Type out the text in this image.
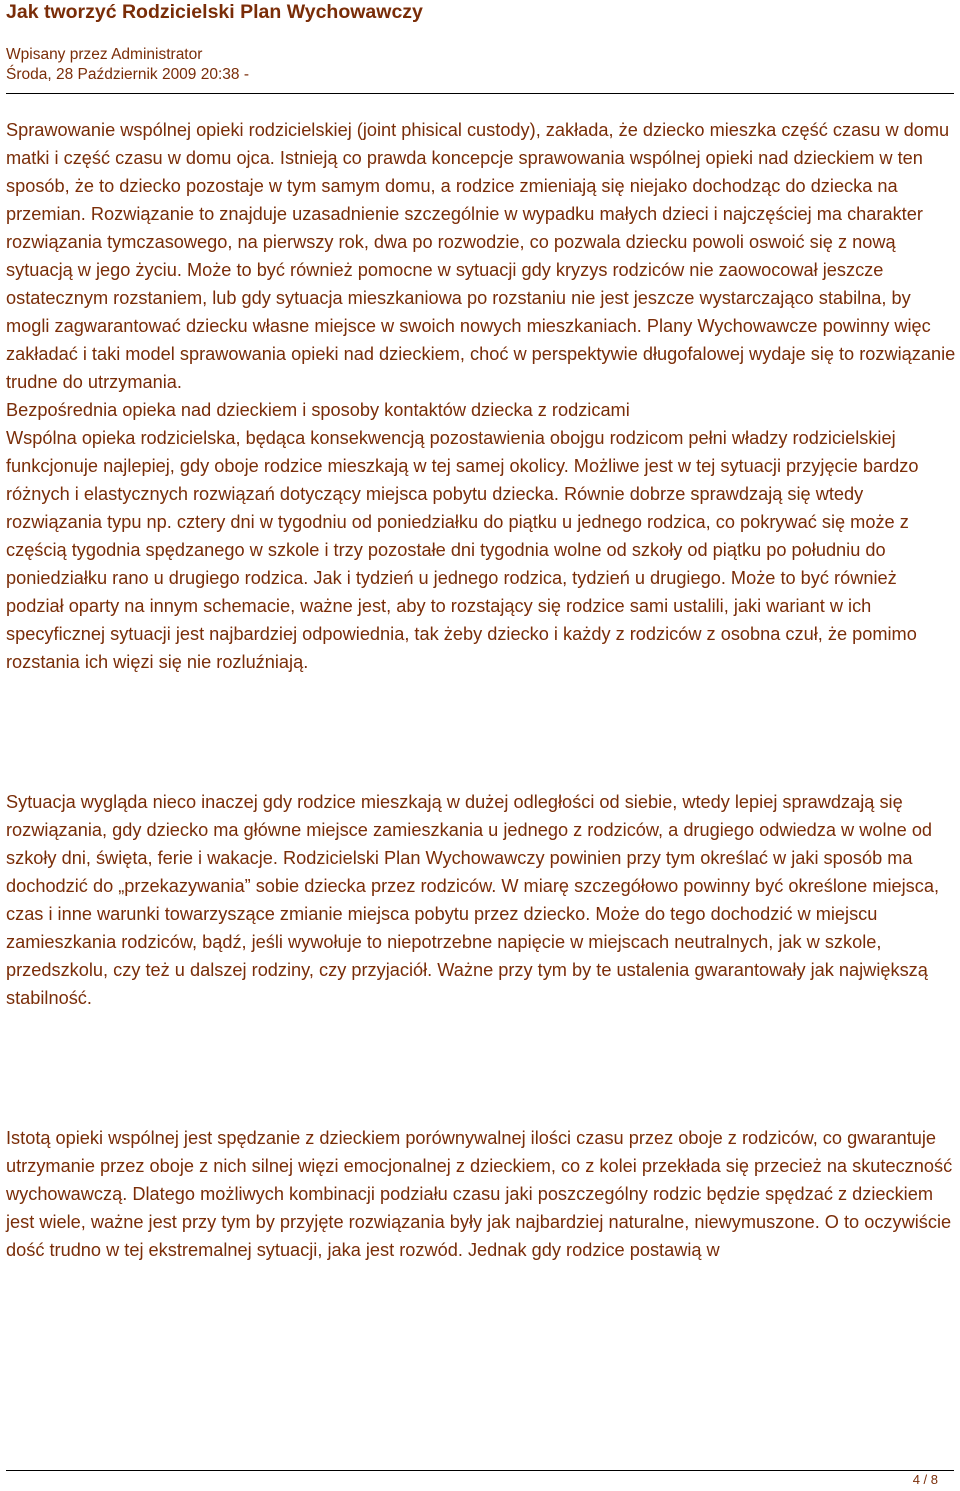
Jak tworzyć Rodzicielski Plan Wychowawczy
Wpisany przez Administrator
Środa, 28 Październik 2009 20:38 -

Sprawowanie wspólnej opieki rodzicielskiej (joint phisical custody), zakłada, że dziecko mieszka część czasu w domu matki i część czasu w domu ojca. Istnieją co prawda koncepcje sprawowania wspólnej opieki nad dzieckiem w ten sposób, że to dziecko pozostaje w tym samym domu, a rodzice zmieniają się niejako dochodząc do dziecka na przemian. Rozwiązanie to znajduje uzasadnienie szczególnie w wypadku małych dzieci i najczęściej ma charakter rozwiązania tymczasowego, na pierwszy rok, dwa po rozwodzie, co pozwala dziecku powoli oswoić się z nową sytuacją w jego życiu. Może to być również pomocne w sytuacji gdy kryzys rodziców nie zaowocował jeszcze ostatecznym rozstaniem, lub gdy sytuacja mieszkaniowa po rozstaniu nie jest jeszcze wystarczająco stabilna, by mogli zagwarantować dziecku własne miejsce w swoich nowych mieszkaniach. Plany Wychowawcze powinny więc zakładać i taki model sprawowania opieki nad dzieckiem, choć w perspektywie długofalowej wydaje się to rozwiązanie trudne do utrzymania.

Bezpośrednia opieka nad dzieckiem i sposoby kontaktów dziecka z rodzicami

Wspólna opieka rodzicielska, będąca konsekwencją pozostawienia obojgu rodzicom pełni władzy rodzicielskiej funkcjonuje najlepiej, gdy oboje rodzice mieszkają w tej samej okolicy. Możliwe jest w tej sytuacji przyjęcie bardzo różnych i elastycznych rozwiązań dotyczący miejsca pobytu dziecka. Równie dobrze sprawdzają się wtedy rozwiązania typu np. cztery dni w tygodniu od poniedziałku do piątku u jednego rodzica, co pokrywać się może z częścią tygodnia spędzanego w szkole i trzy pozostałe dni tygodnia wolne od szkoły od piątku po południu do poniedziałku rano u drugiego rodzica. Jak i tydzień u jednego rodzica, tydzień u drugiego. Może to być również podział oparty na innym schemacie, ważne jest, aby to rozstający się rodzice sami ustalili, jaki wariant w ich specyficznej sytuacji jest najbardziej odpowiednia, tak żeby dziecko i każdy z rodziców z osobna czuł, że pomimo rozstania ich więzi się nie rozluźniają.

Sytuacja wygląda nieco inaczej gdy rodzice mieszkają w dużej odległości od siebie, wtedy lepiej sprawdzają się rozwiązania, gdy dziecko ma główne miejsce zamieszkania u jednego z rodziców, a drugiego odwiedza w wolne od szkoły dni, święta, ferie i wakacje. Rodzicielski Plan Wychowawczy powinien przy tym określać w jaki sposób ma dochodzić do „przekazywania” sobie dziecka przez rodziców. W miarę szczegółowo powinny być określone miejsca, czas i inne warunki towarzyszące zmianie miejsca pobytu przez dziecko. Może do tego dochodzić w miejscu zamieszkania rodziców, bądź, jeśli wywołuje to niepotrzebne napięcie w miejscach neutralnych, jak w szkole, przedszkolu, czy też u dalszej rodziny, czy przyjaciół. Ważne przy tym by te ustalenia gwarantowały jak największą stabilność.

Istotą opieki wspólnej jest spędzanie z dzieckiem porównywalnej ilości czasu przez oboje z rodziców, co gwarantuje utrzymanie przez oboje z nich silnej więzi emocjonalnej z dzieckiem, co z kolei przekłada się przecież na skuteczność wychowawczą. Dlatego możliwych kombinacji podziału czasu jaki poszczególny rodzic będzie spędzać z dzieckiem jest wiele, ważne jest przy tym by przyjęte rozwiązania były jak najbardziej naturalne, niewymuszone. O to oczywiście dość trudno w tej ekstremalnej sytuacji, jaka jest rozwód. Jednak gdy rodzice postawią w

4 / 8
